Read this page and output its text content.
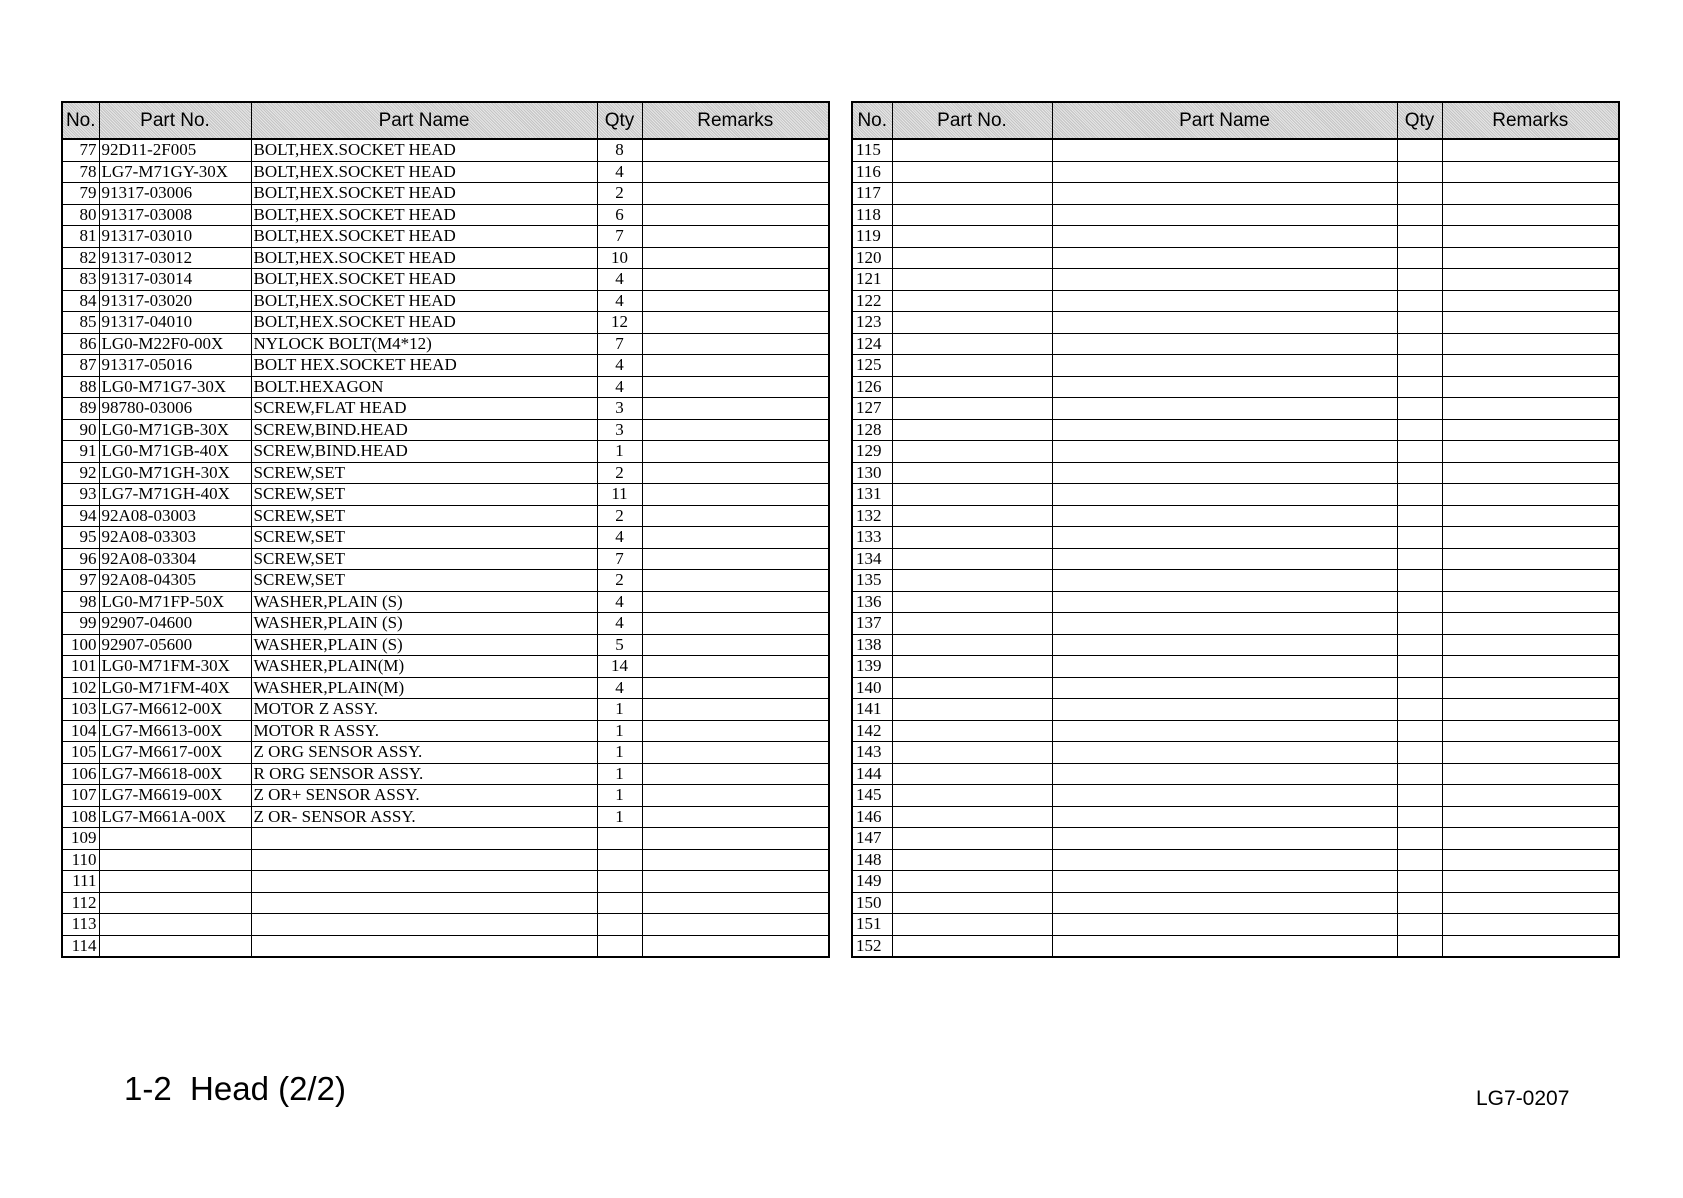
No.	Part No.	Part Name	Qty	Remarks
77	92D11-2F005	BOLT,HEX.SOCKET HEAD	8	
78	LG7-M71GY-30X	BOLT,HEX.SOCKET HEAD	4	
79	91317-03006	BOLT,HEX.SOCKET HEAD	2	
80	91317-03008	BOLT,HEX.SOCKET HEAD	6	
81	91317-03010	BOLT,HEX.SOCKET HEAD	7	
82	91317-03012	BOLT,HEX.SOCKET HEAD	10	
83	91317-03014	BOLT,HEX.SOCKET HEAD	4	
84	91317-03020	BOLT,HEX.SOCKET HEAD	4	
85	91317-04010	BOLT,HEX.SOCKET HEAD	12	
86	LG0-M22F0-00X	NYLOCK BOLT(M4*12)	7	
87	91317-05016	BOLT HEX.SOCKET HEAD	4	
88	LG0-M71G7-30X	BOLT.HEXAGON	4	
89	98780-03006	SCREW,FLAT HEAD	3	
90	LG0-M71GB-30X	SCREW,BIND.HEAD	3	
91	LG0-M71GB-40X	SCREW,BIND.HEAD	1	
92	LG0-M71GH-30X	SCREW,SET	2	
93	LG7-M71GH-40X	SCREW,SET	11	
94	92A08-03003	SCREW,SET	2	
95	92A08-03303	SCREW,SET	4	
96	92A08-03304	SCREW,SET	7	
97	92A08-04305	SCREW,SET	2	
98	LG0-M71FP-50X	WASHER,PLAIN (S)	4	
99	92907-04600	WASHER,PLAIN (S)	4	
100	92907-05600	WASHER,PLAIN (S)	5	
101	LG0-M71FM-30X	WASHER,PLAIN(M)	14	
102	LG0-M71FM-40X	WASHER,PLAIN(M)	4	
103	LG7-M6612-00X	MOTOR Z ASSY.	1	
104	LG7-M6613-00X	MOTOR R ASSY.	1	
105	LG7-M6617-00X	Z ORG SENSOR ASSY.	1	
106	LG7-M6618-00X	R ORG SENSOR ASSY.	1	
107	LG7-M6619-00X	Z OR+ SENSOR ASSY.	1	
108	LG7-M661A-00X	Z OR- SENSOR ASSY.	1	
109				
110				
111				
112				
113				
114				
No.	Part No.	Part Name	Qty	Remarks
115				
116				
117				
118				
119				
120				
121				
122				
123				
124				
125				
126				
127				
128				
129				
130				
131				
132				
133				
134				
135				
136				
137				
138				
139				
140				
141				
142				
143				
144				
145				
146				
147				
148				
149				
150				
151				
152				
1-2  Head (2/2)	LG7-0207
